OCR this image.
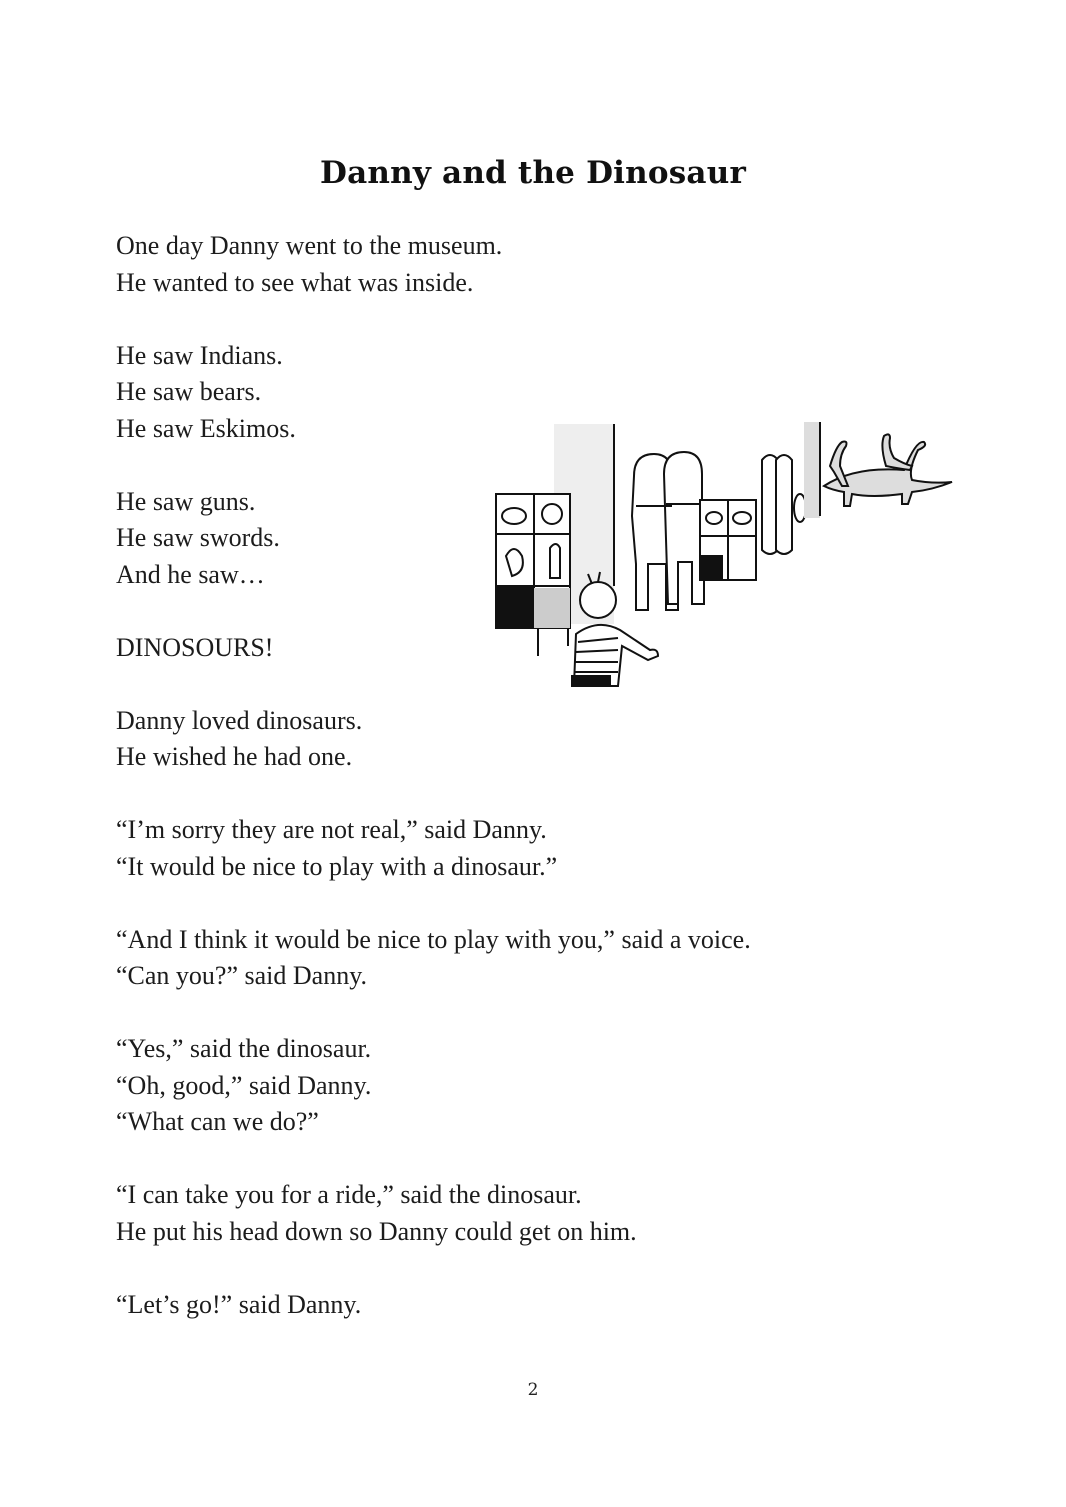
Danny and the Dinosaur

One day Danny went to the museum.
He wanted to see what was inside.

He saw Indians.
He saw bears.
He saw Eskimos.

He saw guns.
He saw swords.
And he saw…

DINOSOURS!

Danny loved dinosaurs.
He wished he had one.

“I’m sorry they are not real,” said Danny.
“It would be nice to play with a dinosaur.”

“And I think it would be nice to play with you,” said a voice.
“Can you?” said Danny.

“Yes,” said the dinosaur.
“Oh, good,” said Danny.
“What can we do?”

“I can take you for a ride,” said the dinosaur.
He put his head down so Danny could get on him.

“Let’s go!” said Danny.

2
